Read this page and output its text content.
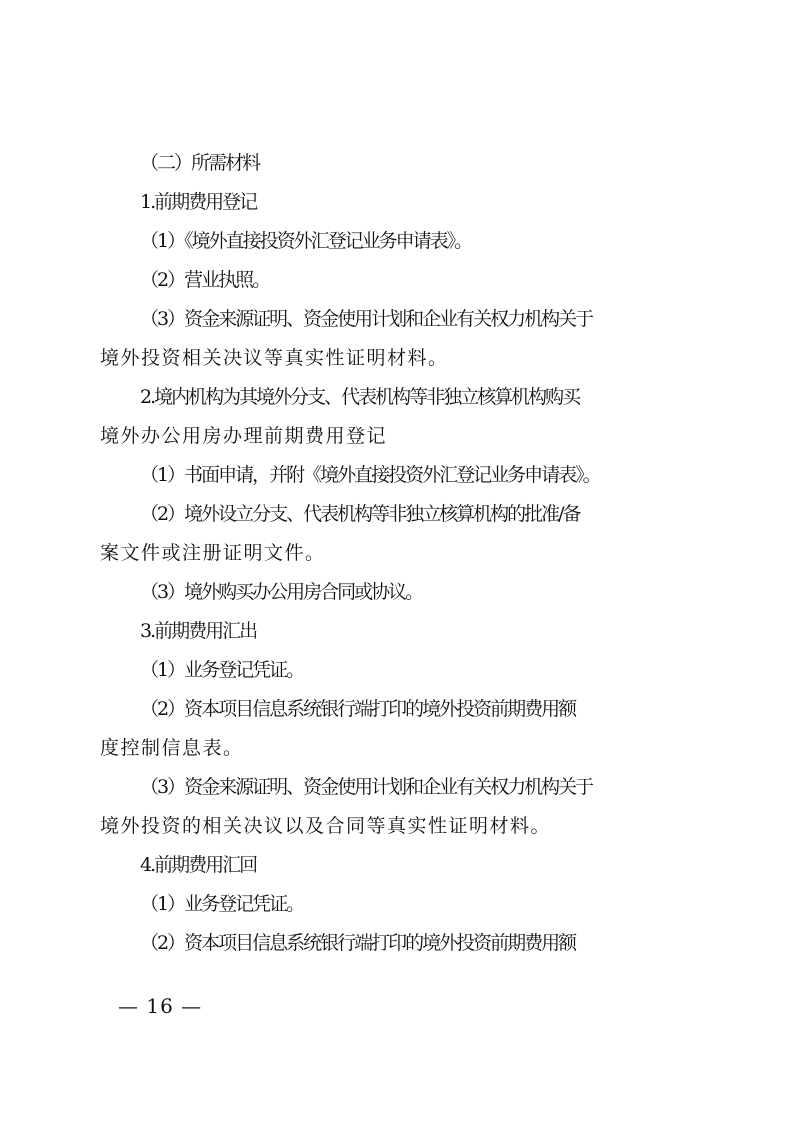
（二）所需材料
1.前期费用登记
（1）《境外直接投资外汇登记业务申请表》。
（2）营业执照。
（3）资金来源证明、资金使用计划和企业有关权力机构关于
境外投资相关决议等真实性证明材料。
2.境内机构为其境外分支、代表机构等非独立核算机构购买
境外办公用房办理前期费用登记
（1）书面申请，并附《境外直接投资外汇登记业务申请表》。
（2）境外设立分支、代表机构等非独立核算机构的批准/备
案文件或注册证明文件。
（3）境外购买办公用房合同或协议。
3.前期费用汇出
（1）业务登记凭证。
（2）资本项目信息系统银行端打印的境外投资前期费用额
度控制信息表。
（3）资金来源证明、资金使用计划和企业有关权力机构关于
境外投资的相关决议以及合同等真实性证明材料。
4.前期费用汇回
（1）业务登记凭证。
（2）资本项目信息系统银行端打印的境外投资前期费用额
— 16 —
